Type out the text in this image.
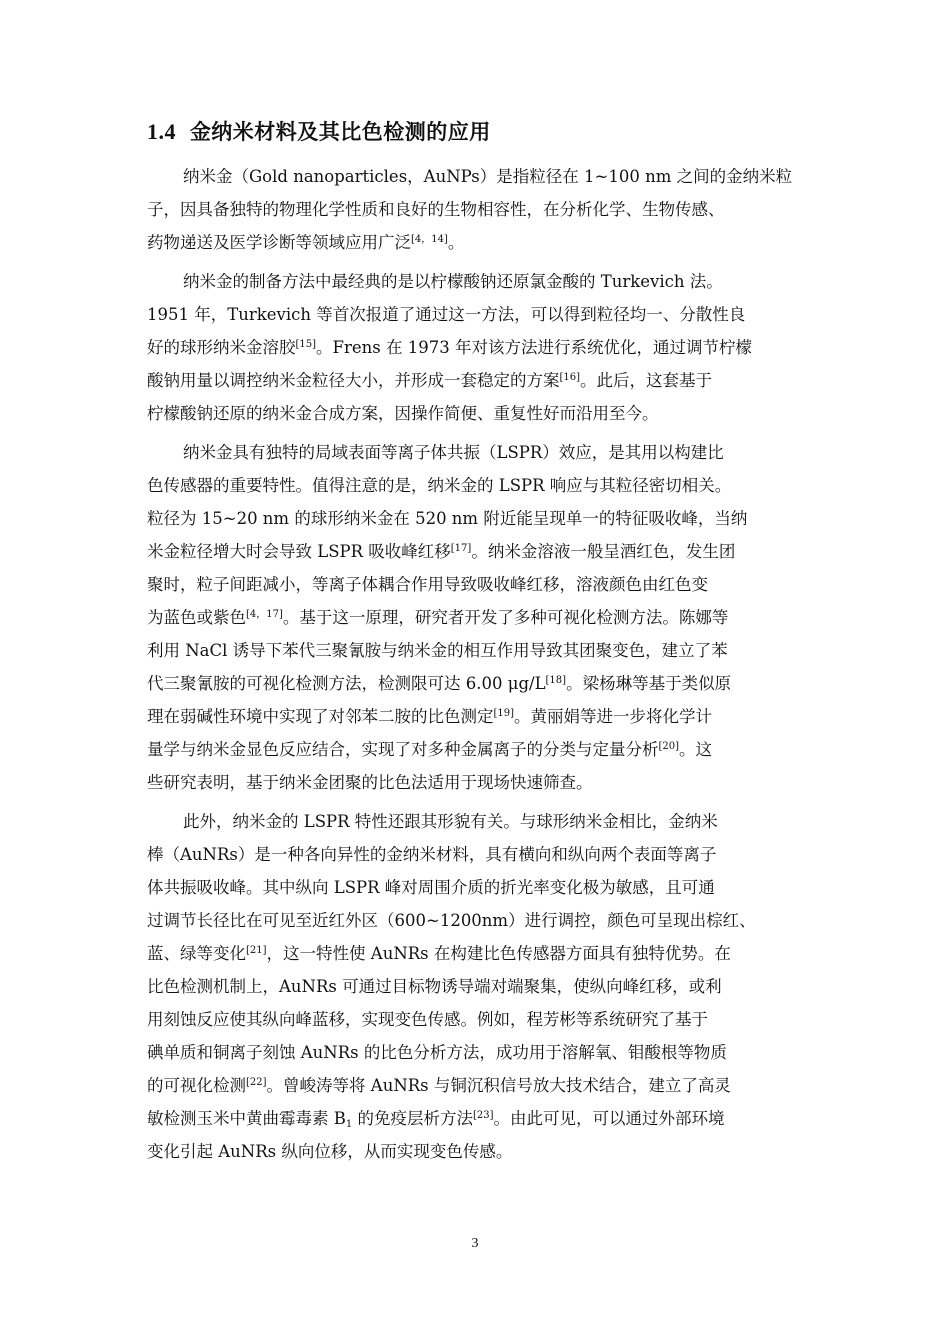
1.4 金纳米材料及其比色检测的应用
纳米金（Gold nanoparticles，AuNPs）是指粒径在 1~100 nm 之间的金纳米粒
子，因具备独特的物理化学性质和良好的生物相容性，在分析化学、生物传感、
药物递送及医学诊断等领域应用广泛[4，14]。
纳米金的制备方法中最经典的是以柠檬酸钠还原氯金酸的 Turkevich 法。
1951 年，Turkevich 等首次报道了通过这一方法，可以得到粒径均一、分散性良
好的球形纳米金溶胶[15]。Frens 在 1973 年对该方法进行系统优化，通过调节柠檬
酸钠用量以调控纳米金粒径大小，并形成一套稳定的方案[16]。此后，这套基于
柠檬酸钠还原的纳米金合成方案，因操作简便、重复性好而沿用至今。
纳米金具有独特的局域表面等离子体共振（LSPR）效应，是其用以构建比
色传感器的重要特性。值得注意的是，纳米金的 LSPR 响应与其粒径密切相关。
粒径为 15~20 nm 的球形纳米金在 520 nm 附近能呈现单一的特征吸收峰，当纳
米金粒径增大时会导致 LSPR 吸收峰红移[17]。纳米金溶液一般呈酒红色，发生团
聚时，粒子间距减小，等离子体耦合作用导致吸收峰红移，溶液颜色由红色变
为蓝色或紫色[4，17]。基于这一原理，研究者开发了多种可视化检测方法。陈娜等
利用 NaCl 诱导下苯代三聚氰胺与纳米金的相互作用导致其团聚变色，建立了苯
代三聚氰胺的可视化检测方法，检测限可达 6.00 μg/L[18]。梁杨琳等基于类似原
理在弱碱性环境中实现了对邻苯二胺的比色测定[19]。黄丽娟等进一步将化学计
量学与纳米金显色反应结合，实现了对多种金属离子的分类与定量分析[20]。这
些研究表明，基于纳米金团聚的比色法适用于现场快速筛查。
此外，纳米金的 LSPR 特性还跟其形貌有关。与球形纳米金相比，金纳米
棒（AuNRs）是一种各向异性的金纳米材料，具有横向和纵向两个表面等离子
体共振吸收峰。其中纵向 LSPR 峰对周围介质的折光率变化极为敏感，且可通
过调节长径比在可见至近红外区（600~1200nm）进行调控，颜色可呈现出棕红、
蓝、绿等变化[21]，这一特性使 AuNRs 在构建比色传感器方面具有独特优势。在
比色检测机制上，AuNRs 可通过目标物诱导端对端聚集，使纵向峰红移，或利
用刻蚀反应使其纵向峰蓝移，实现变色传感。例如，程芳彬等系统研究了基于
碘单质和铜离子刻蚀 AuNRs 的比色分析方法，成功用于溶解氧、钼酸根等物质
的可视化检测[22]。曾峻涛等将 AuNRs 与铜沉积信号放大技术结合，建立了高灵
敏检测玉米中黄曲霉毒素 $B_1$ 的免疫层析方法[23]。由此可见，可以通过外部环境
变化引起 AuNRs 纵向位移，从而实现变色传感。
3
